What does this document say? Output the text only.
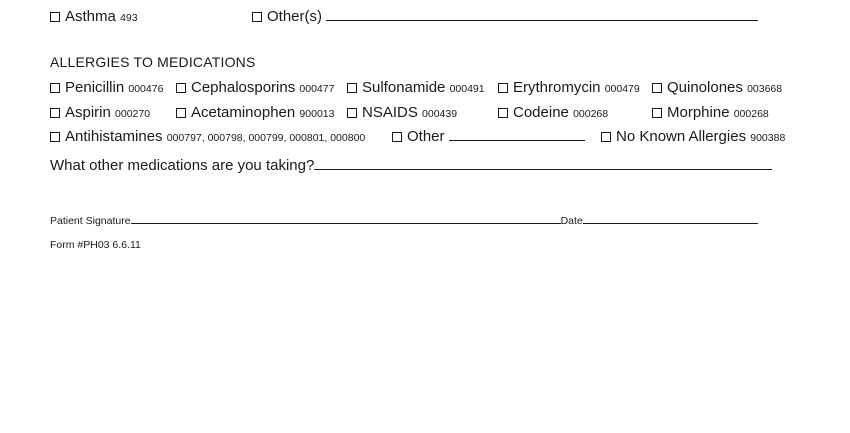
Asthma 493	Other(s)
ALLERGIES TO MEDICATIONS
Penicillin 000476	Cephalosporins 000477	Sulfonamide 000491	Erythromycin 000479	Quinolones 003668
Aspirin 000270	Acetaminophen 900013	NSAIDS 000439	Codeine 000268	Morphine 000268
Antihistamines 000797, 000798, 000799, 000801, 000800	Other	No Known Allergies 900388
What other medications are you taking?
Patient Signature	Date
Form #PH03 6.6.11
